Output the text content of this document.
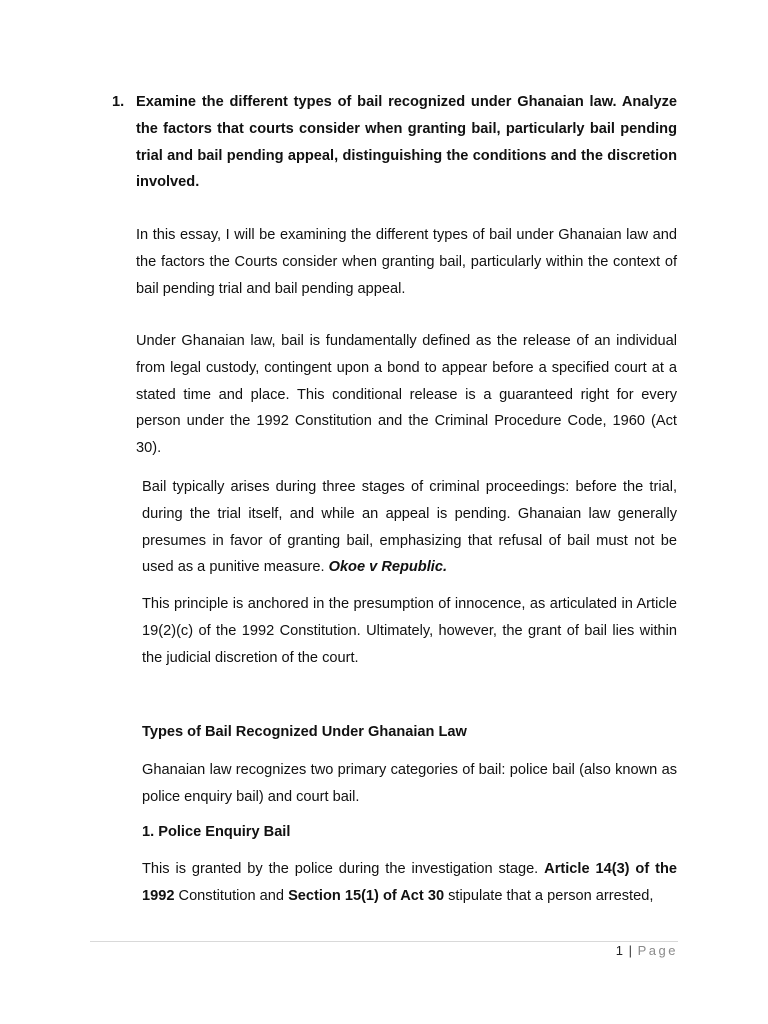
1. Examine the different types of bail recognized under Ghanaian law. Analyze the factors that courts consider when granting bail, particularly bail pending trial and bail pending appeal, distinguishing the conditions and the discretion involved.

In this essay, I will be examining the different types of bail under Ghanaian law and the factors the Courts consider when granting bail, particularly within the context of bail pending trial and bail pending appeal.

Under Ghanaian law, bail is fundamentally defined as the release of an individual from legal custody, contingent upon a bond to appear before a specified court at a stated time and place. This conditional release is a guaranteed right for every person under the 1992 Constitution and the Criminal Procedure Code, 1960 (Act 30).

Bail typically arises during three stages of criminal proceedings: before the trial, during the trial itself, and while an appeal is pending. Ghanaian law generally presumes in favor of granting bail, emphasizing that refusal of bail must not be used as a punitive measure. Okoe v Republic.

This principle is anchored in the presumption of innocence, as articulated in Article 19(2)(c) of the 1992 Constitution. Ultimately, however, the grant of bail lies within the judicial discretion of the court.

Types of Bail Recognized Under Ghanaian Law

Ghanaian law recognizes two primary categories of bail: police bail (also known as police enquiry bail) and court bail.

1. Police Enquiry Bail

This is granted by the police during the investigation stage. Article 14(3) of the 1992 Constitution and Section 15(1) of Act 30 stipulate that a person arrested,

1 | Page
